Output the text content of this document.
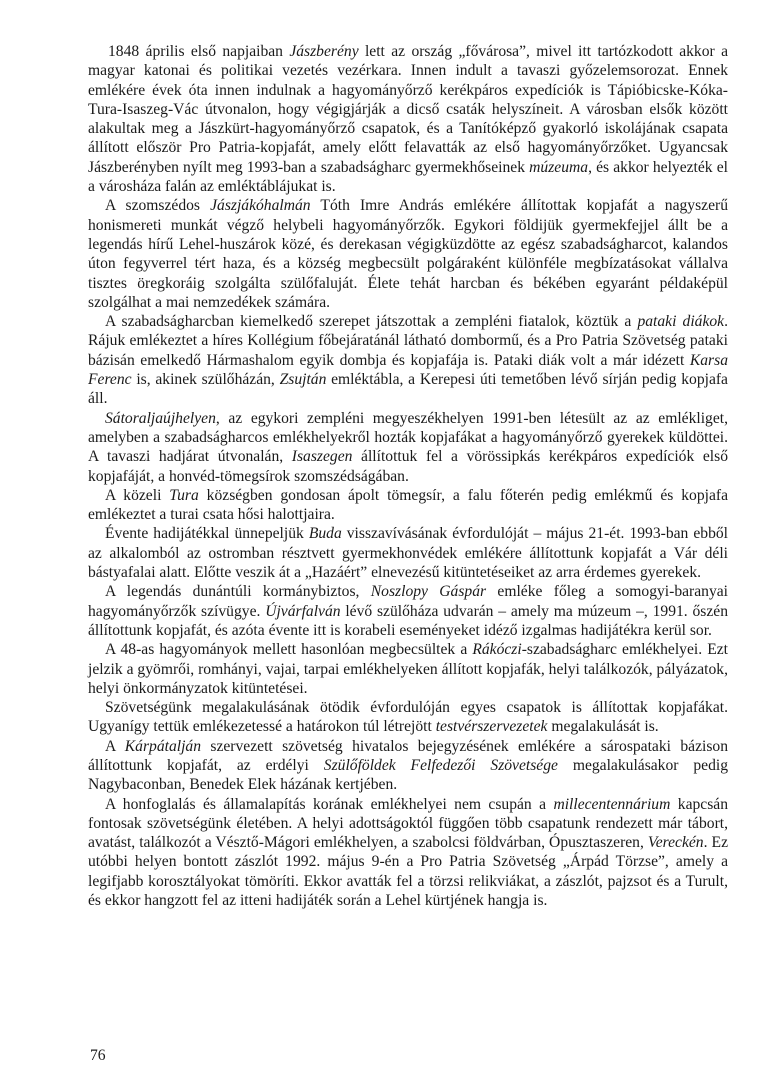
1848 április első napjaiban Jászberény lett az ország „fővárosa”, mivel itt tartózkodott akkor a magyar katonai és politikai vezetés vezérkara. Innen indult a tavaszi győzelemsorozat. Ennek emlékére évek óta innen indulnak a hagyományőrző kerékpáros expedíciók is Tápióbicske-Kóka-Tura-Isaszeg-Vác útvonalon, hogy végigjárják a dicső csaták helyszíneit. A városban elsők között alakultak meg a Jászkürt-hagyományőrző csapatok, és a Tanítóképző gyakorló iskolájának csapata állított először Pro Patria-kopjafát, amely előtt felavatták az első hagyományőrzőket. Ugyancsak Jászberényben nyílt meg 1993-ban a szabadságharc gyermekhőseinek múzeuma, és akkor helyezték el a városháza falán az emléktáblájukat is.

A szomszédos Jászjákóhalmán Tóth Imre András emlékére állítottak kopjafát a nagyszerű honismereti munkát végző helybeli hagyományőrzők. Egykori földijük gyermekfejjel állt be a legendás hírű Lehel-huszárok közé, és derekasan végigküzdötte az egész szabadságharcot, kalandos úton fegyverrel tért haza, és a község megbecsült polgáraként különféle megbízatásokat vállalva tisztes öregkoráig szolgálta szülőfaluját. Élete tehát harcban és békében egyaránt példaképül szolgálhat a mai nemzedékek számára.

A szabadságharcban kiemelkedő szerepet játszottak a zempléni fiatalok, köztük a pataki diákok. Rájuk emlékeztet a híres Kollégium főbejáratánál látható dombormű, és a Pro Patria Szövetség pataki bázisán emelkedő Hármashalom egyik dombja és kopjafája is. Pataki diák volt a már idézett Karsa Ferenc is, akinek szülőházán, Zsujtán emléktábla, a Kerepesi úti temetőben lévő sírján pedig kopjafa áll.

Sátoraljaújhelyen, az egykori zempléni megyeszékhelyen 1991-ben létesült az az emlékliget, amelyben a szabadságharcos emlékhelyekről hozták kopjafákat a hagyományőrző gyerekek küldöttei. A tavaszi hadjárat útvonalán, Isaszegen állítottuk fel a vörössipkás kerékpáros expedíciók első kopjafáját, a honvéd-tömegsírok szomszédságában.

A közeli Tura községben gondosan ápolt tömegsír, a falu főterén pedig emlékmű és kopjafa emlékeztet a turai csata hősi halottjaira.

Évente hadijátékkal ünnepeljük Buda visszavívásának évfordulóját – május 21-ét. 1993-ban ebből az alkalomból az ostromban résztvett gyermekhonvédek emlékére állítottunk kopjafát a Vár déli bástyafalai alatt. Előtte veszik át a „Hazáért” elnevezésű kitüntetéseiket az arra érdemes gyerekek.

A legendás dunántúli kormánybiztos, Noszlopy Gáspár emléke főleg a somogyi-baranyai hagyományőrzők szívügye. Újvárfalván lévő szülőháza udvarán – amely ma múzeum –, 1991. őszén állítottunk kopjafát, és azóta évente itt is korabeli eseményeket idéző izgalmas hadijátékra kerül sor.

A 48-as hagyományok mellett hasonlóan megbecsültek a Rákóczi-szabadságharc emlékhelyei. Ezt jelzik a gyömrői, romhányi, vajai, tarpai emlékhelyeken állított kopjafák, helyi találkozók, pályázatok, helyi önkormányzatok kitüntetései.

Szövetségünk megalakulásának ötödik évfordulóján egyes csapatok is állítottak kopjafákat. Ugyanígy tettük emlékezetessé a határokon túl létrejött testvérszervezetek megalakulását is.

A Kárpátalján szervezett szövetség hivatalos bejegyzésének emlékére a sárospataki bázison állítottunk kopjafát, az erdélyi Szülőföldek Felfedezői Szövetsége megalakulásakor pedig Nagybaconban, Benedek Elek házának kertjében.

A honfoglalás és államalapítás korának emlékhelyei nem csupán a millecentennárium kapcsán fontosak szövetségünk életében. A helyi adottságoktól függően több csapatunk rendezett már tábort, avatást, találkozót a Vésztő-Mágori emlékhelyen, a szabolcsi földvárban, Ópusztaszeren, Vereckén. Ez utóbbi helyen bontott zászlót 1992. május 9-én a Pro Patria Szövetség „Árpád Törzse”, amely a legifjabb korosztályokat tömöríti. Ekkor avatták fel a törzsi relikviákat, a zászlót, pajzsot és a Turult, és ekkor hangzott fel az itteni hadijáték során a Lehel kürtjének hangja is.

76
